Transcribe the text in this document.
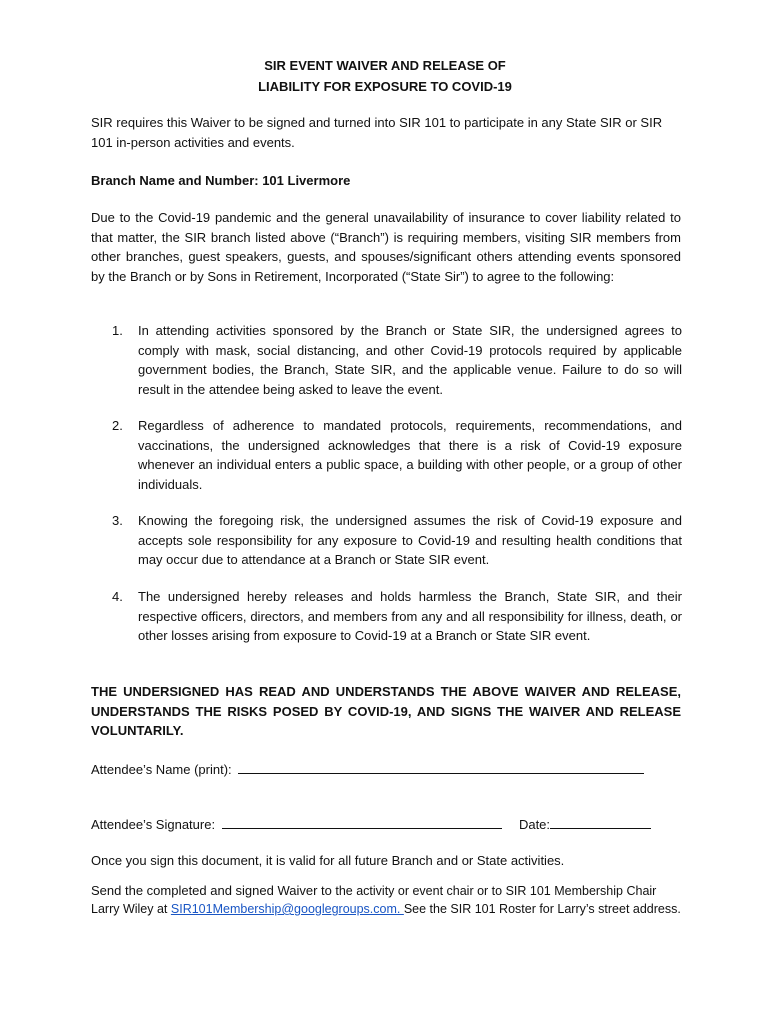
SIR EVENT WAIVER AND RELEASE OF
LIABILITY FOR EXPOSURE TO COVID-19

SIR requires this Waiver to be signed and turned into SIR 101 to participate in any State SIR or SIR 101 in-person activities and events.

Branch Name and Number: 101 Livermore

Due to the Covid-19 pandemic and the general unavailability of insurance to cover liability related to that matter, the SIR branch listed above (“Branch”) is requiring members, visiting SIR members from other branches, guest speakers, guests, and spouses/significant others attending events sponsored by the Branch or by Sons in Retirement, Incorporated (“State Sir”) to agree to the following:

1.	In attending activities sponsored by the Branch or State SIR, the undersigned agrees to comply with mask, social distancing, and other Covid-19 protocols required by applicable government bodies, the Branch, State SIR, and the applicable venue. Failure to do so will result in the attendee being asked to leave the event.
2.	Regardless of adherence to mandated protocols, requirements, recommendations, and vaccinations, the undersigned acknowledges that there is a risk of Covid-19 exposure whenever an individual enters a public space, a building with other people, or a group of other individuals.
3.	Knowing the foregoing risk, the undersigned assumes the risk of Covid-19 exposure and accepts sole responsibility for any exposure to Covid-19 and resulting health conditions that may occur due to attendance at a Branch or State SIR event.
4.	The undersigned hereby releases and holds harmless the Branch, State SIR, and their respective officers, directors, and members from any and all responsibility for illness, death, or other losses arising from exposure to Covid-19 at a Branch or State SIR event.

THE UNDERSIGNED HAS READ AND UNDERSTANDS THE ABOVE WAIVER AND RELEASE, UNDERSTANDS THE RISKS POSED BY COVID-19, AND SIGNS THE WAIVER AND RELEASE VOLUNTARILY.

Attendee’s Name (print):
Attendee’s Signature:	Date:

Once you sign this document, it is valid for all future Branch and or State activities.

Send the completed and signed Waiver to the activity or event chair or to SIR 101 Membership Chair Larry Wiley at SIR101Membership@googlegroups.com. See the SIR 101 Roster for Larry’s street address.
